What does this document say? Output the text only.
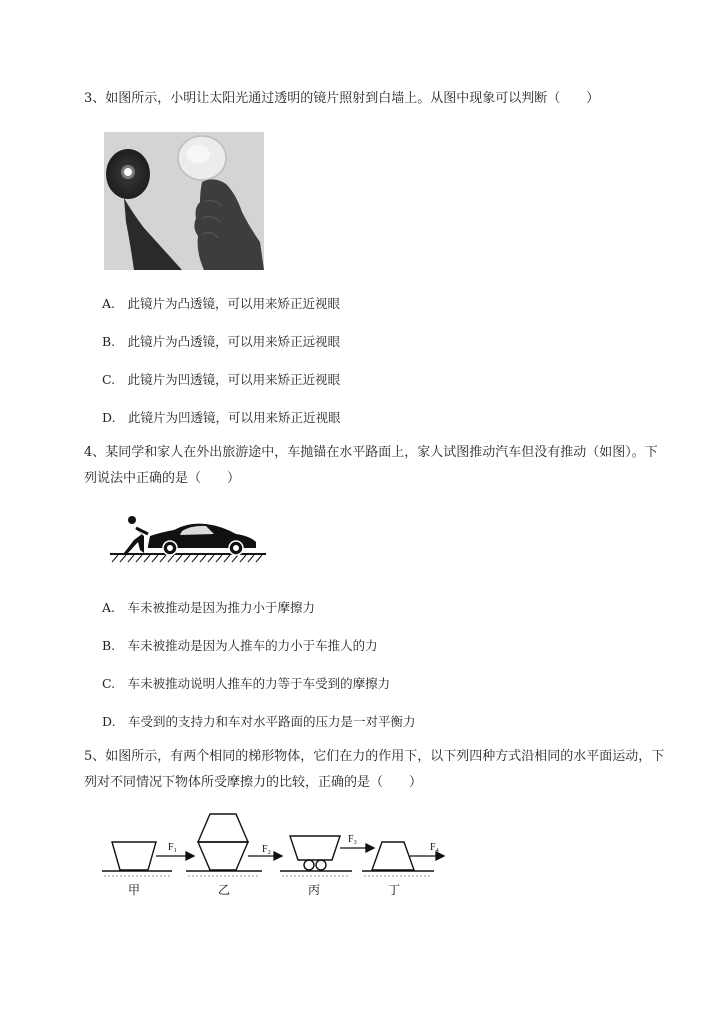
3、如图所示，小明让太阳光通过透明的镜片照射到白墙上。从图中现象可以判断（　　）
A.　此镜片为凸透镜，可以用来矫正近视眼
B.　此镜片为凸透镜，可以用来矫正远视眼
C.　此镜片为凹透镜，可以用来矫正近视眼
D.　此镜片为凹透镜，可以用来矫正近视眼
4、某同学和家人在外出旅游途中，车抛锚在水平路面上，家人试图推动汽车但没有推动（如图）。下
列说法中正确的是（　　）
A.　车未被推动是因为推力小于摩擦力
B.　车未被推动是因为人推车的力小于车推人的力
C.　车未被推动说明人推车的力等于车受到的摩擦力
D.　车受到的支持力和车对水平路面的压力是一对平衡力
5、如图所示，有两个相同的梯形物体，它们在力的作用下，以下列四种方式沿相同的水平面运动，下
列对不同情况下物体所受摩擦力的比较，正确的是（　　）
F₁	F₂
F₃
F₄
甲	乙	丙	丁
